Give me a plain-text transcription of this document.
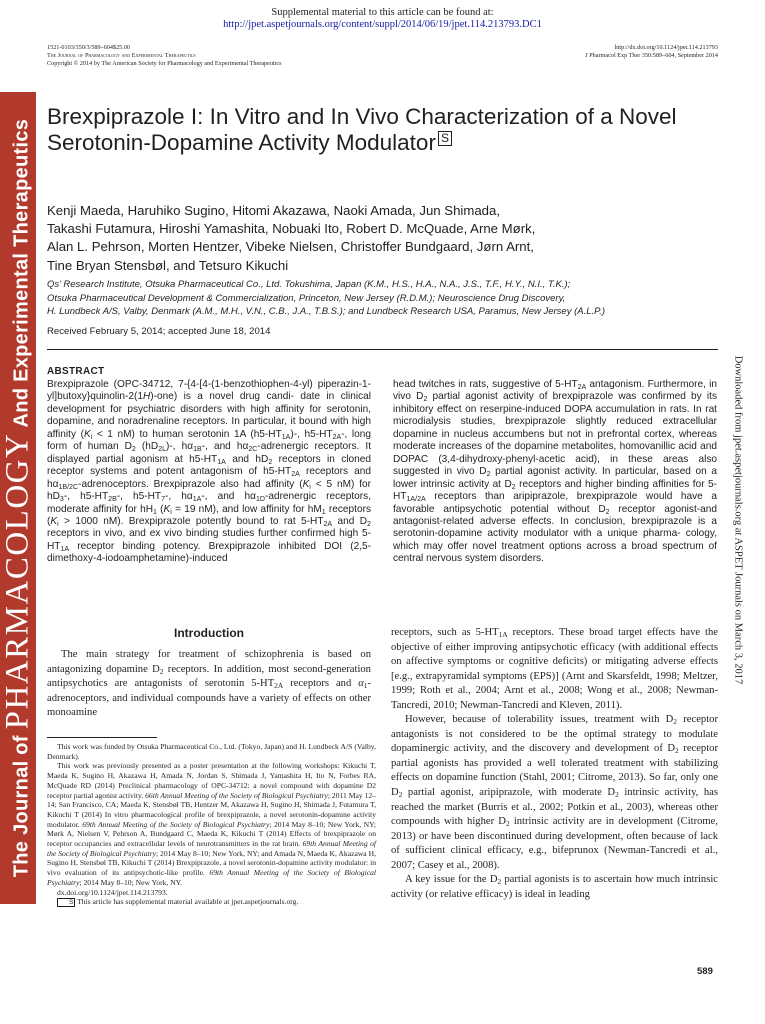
Supplemental material to this article can be found at:
http://jpet.aspetjournals.org/content/suppl/2014/06/19/jpet.114.213793.DC1
1521-0103/350/3/589–604$25.00
The Journal of Pharmacology and Experimental Therapeutics
Copyright © 2014 by The American Society for Pharmacology and Experimental Therapeutics
http://dx.doi.org/10.1124/jpet.114.213793
J Pharmacol Exp Ther 350:589–604, September 2014
The Journal of PHARMACOLOGY And Experimental Therapeutics
Downloaded from jpet.aspetjournals.org at ASPET Journals on March 3, 2017
Brexpiprazole I: In Vitro and In Vivo Characterization of a Novel
Serotonin-Dopamine Activity Modulator S
Kenji Maeda, Haruhiko Sugino, Hitomi Akazawa, Naoki Amada, Jun Shimada,
Takashi Futamura, Hiroshi Yamashita, Nobuaki Ito, Robert D. McQuade, Arne Mørk,
Alan L. Pehrson, Morten Hentzer, Vibeke Nielsen, Christoffer Bundgaard, Jørn Arnt,
Tine Bryan Stensbøl, and Tetsuro Kikuchi
Qs’ Research Institute, Otsuka Pharmaceutical Co., Ltd. Tokushima, Japan (K.M., H.S., H.A., N.A., J.S., T.F., H.Y., N.I., T.K.);
Otsuka Pharmaceutical Development & Commercialization, Princeton, New Jersey (R.D.M.); Neuroscience Drug Discovery,
H. Lundbeck A/S, Valby, Denmark (A.M., M.H., V.N., C.B., J.A., T.B.S.); and Lundbeck Research USA, Paramus, New Jersey (A.L.P.)
Received February 5, 2014; accepted June 18, 2014
ABSTRACT
Brexpiprazole (OPC-34712, 7-{4-[4-(1-benzothiophen-4-yl) piperazin-1-yl]butoxy}quinolin-2(1H)-one) is a novel drug candi- date in clinical development for psychiatric disorders with high affinity for serotonin, dopamine, and noradrenaline receptors. In particular, it bound with high affinity ($K_i < 1$ nM) to human serotonin 1A $(h5-HT_{1A})-$, $h5-HT_{2A}-$, long form of human $D_2$ $(hD_{2L})-$, $h\alpha_{1B}-$, and $h\alpha_{2C}$-adrenergic receptors. It displayed partial agonism at $h5-HT_{1A}$ and $hD_2$ receptors in cloned receptor systems and potent antagonism of $h5-HT_{2A}$ receptors and $h\alpha_{1B/2C}$-adrenoceptors. Brexpiprazole also had affinity ($K_i < 5$ nM) for $hD_3-$, $h5-HT_{2B}-$, $h5-HT_7-$, $h\alpha_{1A}-$, and $h\alpha_{1D}$-adrenergic receptors, moderate affinity for $hH_1$ ($K_i = 19$ nM), and low affinity for $hM_1$ receptors ($K_i > 1000$ nM). Brexpiprazole potently bound to rat $5-HT_{2A}$ and $D_2$ receptors in vivo, and ex vivo binding studies further confirmed high $5-HT_{1A}$ receptor binding potency. Brexpiprazole inhibited DOI (2,5-dimethoxy-4-iodoamphetamine)-induced
head twitches in rats, suggestive of $5-HT_{2A}$ antagonism. Furthermore, in vivo $D_2$ partial agonist activity of brexpiprazole was confirmed by its inhibitory effect on reserpine-induced DOPA accumulation in rats. In rat microdialysis studies, brexpiprazole slightly reduced extracellular dopamine in nucleus accumbens but not in prefrontal cortex, whereas moderate increases of the dopamine metabolites, homovanillic acid and DOPAC (3,4-dihydroxy-phenyl-acetic acid), in these areas also suggested in vivo $D_2$ partial agonist activity. In particular, based on a lower intrinsic activity at $D_2$ receptors and higher binding affinities for $5-HT_{1A/2A}$ receptors than aripiprazole, brexpiprazole would have a favorable antipsychotic potential without $D_2$ receptor agonist-and antagonist-related adverse effects. In conclusion, brexpiprazole is a serotonin-dopamine activity modulator with a unique pharma- cology, which may offer novel treatment options across a broad spectrum of central nervous system disorders.
Introduction

The main strategy for treatment of schizophrenia is based on antagonizing dopamine $D_2$ receptors. In addition, most second-generation antipsychotics are antagonists of serotonin $5-HT_{2A}$ receptors and $\alpha_1$-adrenoceptors, and individual compounds have a variety of effects on other monoamine

This work was funded by Otsuka Pharmaceutical Co., Ltd. (Tokyo, Japan) and H. Lundbeck A/S (Valby, Denmark).

This work was previously presented as a poster presentation at the following workshops: Kikuchi T, Maeda K, Sugino H, Akazawa H, Amada N, Jordan S, Shimada J, Yamashita H, Ito N, Forbes RA, McQuade RD (2014) Preclinical pharmacology of OPC-34712: a novel compound with dopamine D2 receptor partial agonist activity. 66th Annual Meeting of the Society of Biological Psychiatry; 2011 May 12–14; San Francisco, CA; Maeda K, Stensbøl TB, Hentzer M, Akazawa H, Sugino H, Shimada J, Futamura T, Kikuchi T (2014) In vitro pharmacological profile of brexpiprazole, a novel serotonin-dopamine activity modulator. 69th Annual Meeting of the Society of Biological Psychiatry; 2014 May 8–10; New York, NY; Mørk A, Nielsen V, Pehrson A, Bundgaard C, Maeda K, Kikuchi T (2014) Effects of brexpiprazole on receptor occupancies and extracellular levels of neurotransmitters in the rat brain. 69th Annual Meeting of the Society of Biological Psychiatry; 2014 May 8–10; New York, NY; and Amada N, Maeda K, Akazawa H, Sugino H, Stensbøl TB, Kikuchi T (2014) Brexpiprazole, a novel serotonin-dopamine activity modulator: in vivo evaluation of its antipsychotic-like profile. 69th Annual Meeting of the Society of Biological Psychiatry; 2014 May 8–10; New York, NY.

dx.doi.org/10.1124/jpet.114.213793.

S This article has supplemental material available at jpet.aspetjournals.org.

receptors, such as $5-HT_{1A}$ receptors. These broad target effects have the objective of either improving antipsychotic efficacy (with additional effects on affective symptoms or cognitive deficits) or mitigating adverse effects [e.g., extrapyramidal symptoms (EPS)] (Arnt and Skarsfeldt, 1998; Meltzer, 1999; Roth et al., 2004; Arnt et al., 2008; Wong et al., 2008; Newman-Tancredi, 2010; Newman-Tancredi and Kleven, 2011).

However, because of tolerability issues, treatment with $D_2$ receptor antagonists is not considered to be the optimal strategy to modulate dopaminergic activity, and the discovery and development of $D_2$ receptor partial agonists has provided a well tolerated treatment with stabilizing effects on dopamine function (Stahl, 2001; Citrome, 2013). So far, only one $D_2$ partial agonist, aripiprazole, with moderate $D_2$ intrinsic activity, has reached the market (Burris et al., 2002; Potkin et al., 2003), whereas other compounds with higher $D_2$ intrinsic activity are in development (Citrome, 2013) or have been discontinued during development, often because of lack of sufficient clinical efficacy, e.g., bifeprunox (Newman-Tancredi et al., 2007; Casey et al., 2008).

A key issue for the $D_2$ partial agonists is to ascertain how much intrinsic activity (or relative efficacy) is ideal in leading

589
